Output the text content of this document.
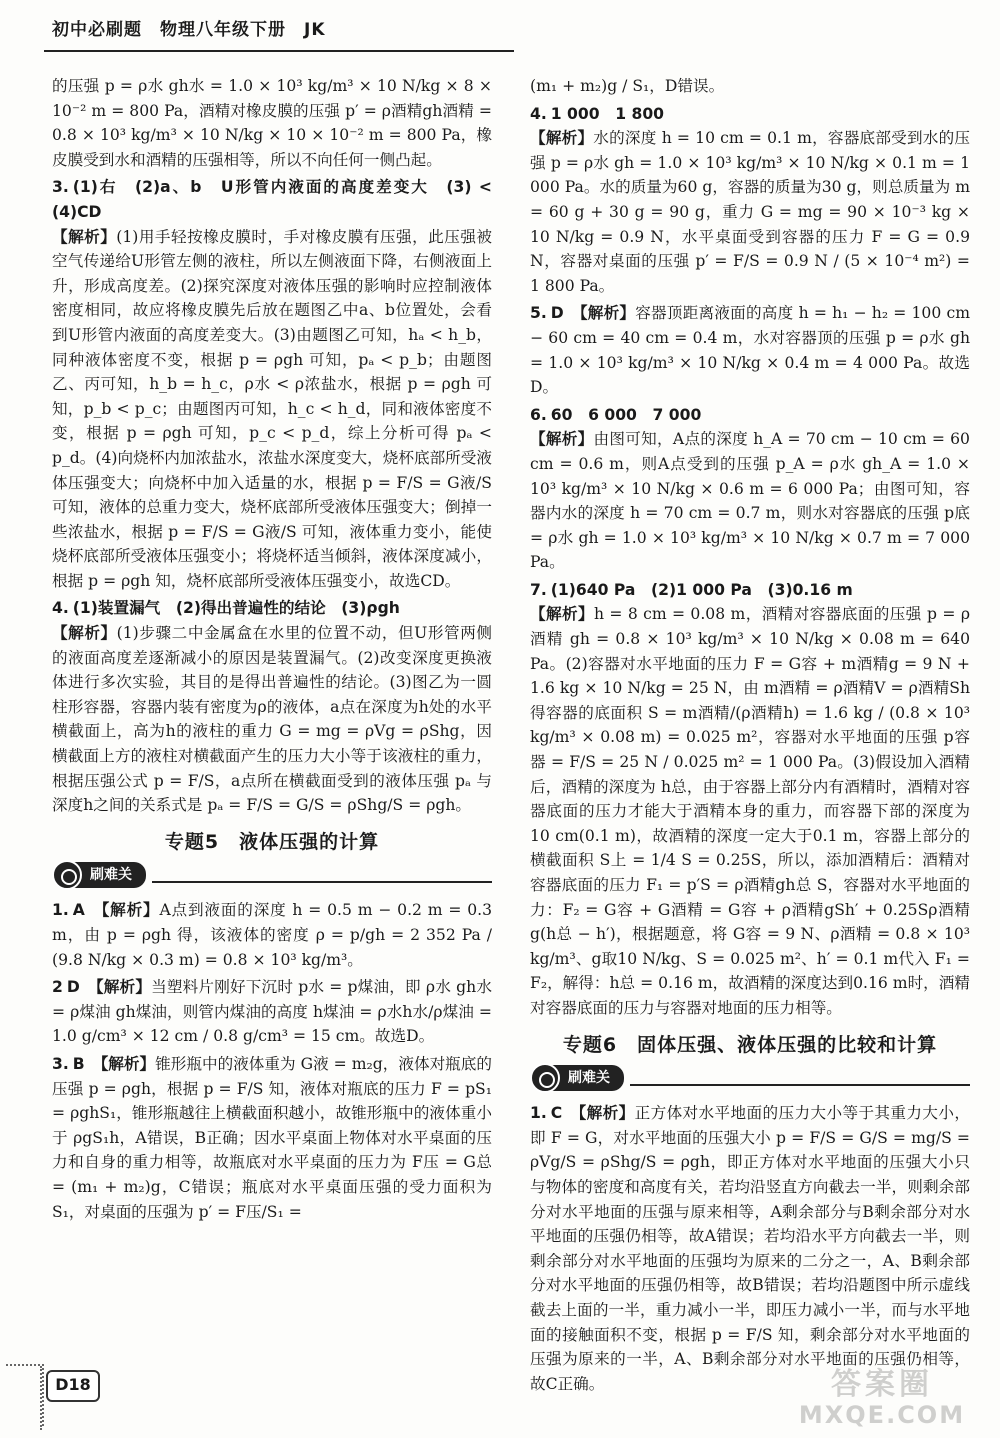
初中必刷题　物理八年级下册　JK
的压强 p = ρ水 gh水 = 1.0 × 10³ kg/m³ × 10 N/kg × 8 × 10⁻² m = 800 Pa，酒精对橡皮膜的压强 p′ = ρ酒精gh酒精 = 0.8 × 10³ kg/m³ × 10 N/kg × 10 × 10⁻² m = 800 Pa，橡皮膜受到水和酒精的压强相等，所以不向任何一侧凸起。
3. (1)右　(2)a、b　U形管内液面的高度差变大　(3) <　(4)CD
【解析】(1)用手轻按橡皮膜时，手对橡皮膜有压强，此压强被空气传递给U形管左侧的液柱，所以左侧液面下降，右侧液面上升，形成高度差。(2)探究深度对液体压强的影响时应控制液体密度相同，故应将橡皮膜先后放在题图乙中a、b位置处，会看到U形管内液面的高度差变大。(3)由题图乙可知，hₐ < h_b，同种液体密度不变，根据 p = ρgh 可知，pₐ < p_b；由题图乙、丙可知，h_b = h_c，ρ水 < ρ浓盐水，根据 p = ρgh 可知，p_b < p_c；由题图丙可知，h_c < h_d，同和液体密度不变，根据 p = ρgh 可知，p_c < p_d，综上分析可得 pₐ < p_d。(4)向烧杯内加浓盐水，浓盐水深度变大，烧杯底部所受液体压强变大；向烧杯中加入适量的水，根据 p = F/S = G液/S 可知，液体的总重力变大，烧杯底部所受液体压强变大；倒掉一些浓盐水，根据 p = F/S = G液/S 可知，液体重力变小，能使烧杯底部所受液体压强变小；将烧杯适当倾斜，液体深度减小，根据 p = ρgh 知，烧杯底部所受液体压强变小，故选CD。
4. (1)装置漏气　(2)得出普遍性的结论　(3)ρgh
【解析】(1)步骤二中金属盒在水里的位置不动，但U形管两侧的液面高度差逐渐减小的原因是装置漏气。(2)改变深度更换液体进行多次实验，其目的是得出普遍性的结论。(3)图乙为一圆柱形容器，容器内装有密度为ρ的液体，a点在深度为h处的水平横截面上，高为h的液柱的重力 G = mg = ρVg = ρShg，因横截面上方的液柱对横截面产生的压力大小等于该液柱的重力，根据压强公式 p = F/S，a点所在横截面受到的液体压强 pₐ 与深度h之间的关系式是 pₐ = F/S = G/S = ρShg/S = ρgh。
专题5　液体压强的计算
刷难关
1. A 【解析】A点到液面的深度 h = 0.5 m − 0.2 m = 0.3 m，由 p = ρgh 得，该液体的密度 ρ = p/gh = 2 352 Pa / (9.8 N/kg × 0.3 m) = 0.8 × 10³ kg/m³。
2 D 【解析】当塑料片刚好下沉时 p水 = p煤油，即 ρ水 gh水 = ρ煤油 gh煤油，则管内煤油的高度 h煤油 = ρ水h水/ρ煤油 = 1.0 g/cm³ × 12 cm / 0.8 g/cm³ = 15 cm。故选D。
3. B 【解析】锥形瓶中的液体重为 G液 = m₂g，液体对瓶底的压强 p = ρgh，根据 p = F/S 知，液体对瓶底的压力 F = pS₁ = ρghS₁，锥形瓶越往上横截面积越小，故锥形瓶中的液体重小于 ρgS₁h，A错误，B正确；因水平桌面上物体对水平桌面的压力和自身的重力相等，故瓶底对水平桌面的压力为 F压 = G总 = (m₁ + m₂)g，C错误；瓶底对水平桌面压强的受力面积为 S₁，对桌面的压强为 p′ = F压/S₁ =
(m₁ + m₂)g / S₁，D错误。
4. 1 000　1 800
【解析】水的深度 h = 10 cm = 0.1 m，容器底部受到水的压强 p = ρ水 gh = 1.0 × 10³ kg/m³ × 10 N/kg × 0.1 m = 1 000 Pa。水的质量为60 g，容器的质量为30 g，则总质量为 m = 60 g + 30 g = 90 g，重力 G = mg = 90 × 10⁻³ kg × 10 N/kg = 0.9 N，水平桌面受到容器的压力 F = G = 0.9 N，容器对桌面的压强 p′ = F/S = 0.9 N / (5 × 10⁻⁴ m²) = 1 800 Pa。
5. D 【解析】容器顶距离液面的高度 h = h₁ − h₂ = 100 cm − 60 cm = 40 cm = 0.4 m，水对容器顶的压强 p = ρ水 gh = 1.0 × 10³ kg/m³ × 10 N/kg × 0.4 m = 4 000 Pa。故选D。
6. 60　6 000　7 000
【解析】由图可知，A点的深度 h_A = 70 cm − 10 cm = 60 cm = 0.6 m，则A点受到的压强 p_A = ρ水 gh_A = 1.0 × 10³ kg/m³ × 10 N/kg × 0.6 m = 6 000 Pa；由图可知，容器内水的深度 h = 70 cm = 0.7 m，则水对容器底的压强 p底 = ρ水 gh = 1.0 × 10³ kg/m³ × 10 N/kg × 0.7 m = 7 000 Pa。
7. (1)640 Pa　(2)1 000 Pa　(3)0.16 m
【解析】h = 8 cm = 0.08 m，酒精对容器底面的压强 p = ρ酒精 gh = 0.8 × 10³ kg/m³ × 10 N/kg × 0.08 m = 640 Pa。(2)容器对水平地面的压力 F = G容 + m酒精g = 9 N + 1.6 kg × 10 N/kg = 25 N，由 m酒精 = ρ酒精V = ρ酒精Sh 得容器的底面积 S = m酒精/(ρ酒精h) = 1.6 kg / (0.8 × 10³ kg/m³ × 0.08 m) = 0.025 m²，容器对水平地面的压强 p容器 = F/S = 25 N / 0.025 m² = 1 000 Pa。(3)假设加入酒精后，酒精的深度为 h总，由于容器上部分内有酒精时，酒精对容器底面的压力才能大于酒精本身的重力，而容器下部的深度为10 cm(0.1 m)，故酒精的深度一定大于0.1 m，容器上部分的横截面积 S上 = 1/4 S = 0.25S，所以，添加酒精后：酒精对容器底面的压力 F₁ = p′S = ρ酒精gh总 S，容器对水平地面的力：F₂ = G容 + G酒精 = G容 + ρ酒精gSh′ + 0.25Sρ酒精g(h总 − h′)，根据题意，将 G容 = 9 N、ρ酒精 = 0.8 × 10³ kg/m³、g取10 N/kg、S = 0.025 m²、h′ = 0.1 m代入 F₁ = F₂，解得：h总 = 0.16 m，故酒精的深度达到0.16 m时，酒精对容器底面的压力与容器对地面的压力相等。
专题6　固体压强、液体压强的比较和计算
刷难关
1. C 【解析】正方体对水平地面的压力大小等于其重力大小，即 F = G，对水平地面的压强大小 p = F/S = G/S = mg/S = ρVg/S = ρShg/S = ρgh，即正方体对水平地面的压强大小只与物体的密度和高度有关，若均沿竖直方向截去一半，则剩余部分对水平地面的压强与原来相等，A剩余部分与B剩余部分对水平地面的压强仍相等，故A错误；若均沿水平方向截去一半，则剩余部分对水平地面的压强均为原来的二分之一，A、B剩余部分对水平地面的压强仍相等，故B错误；若均沿题图中所示虚线截去上面的一半，重力减小一半，即压力减小一半，而与水平地面的接触面积不变，根据 p = F/S 知，剩余部分对水平地面的压强为原来的一半，A、B剩余部分对水平地面的压强仍相等，故C正确。
D18	答案圈
MXQE.COM
